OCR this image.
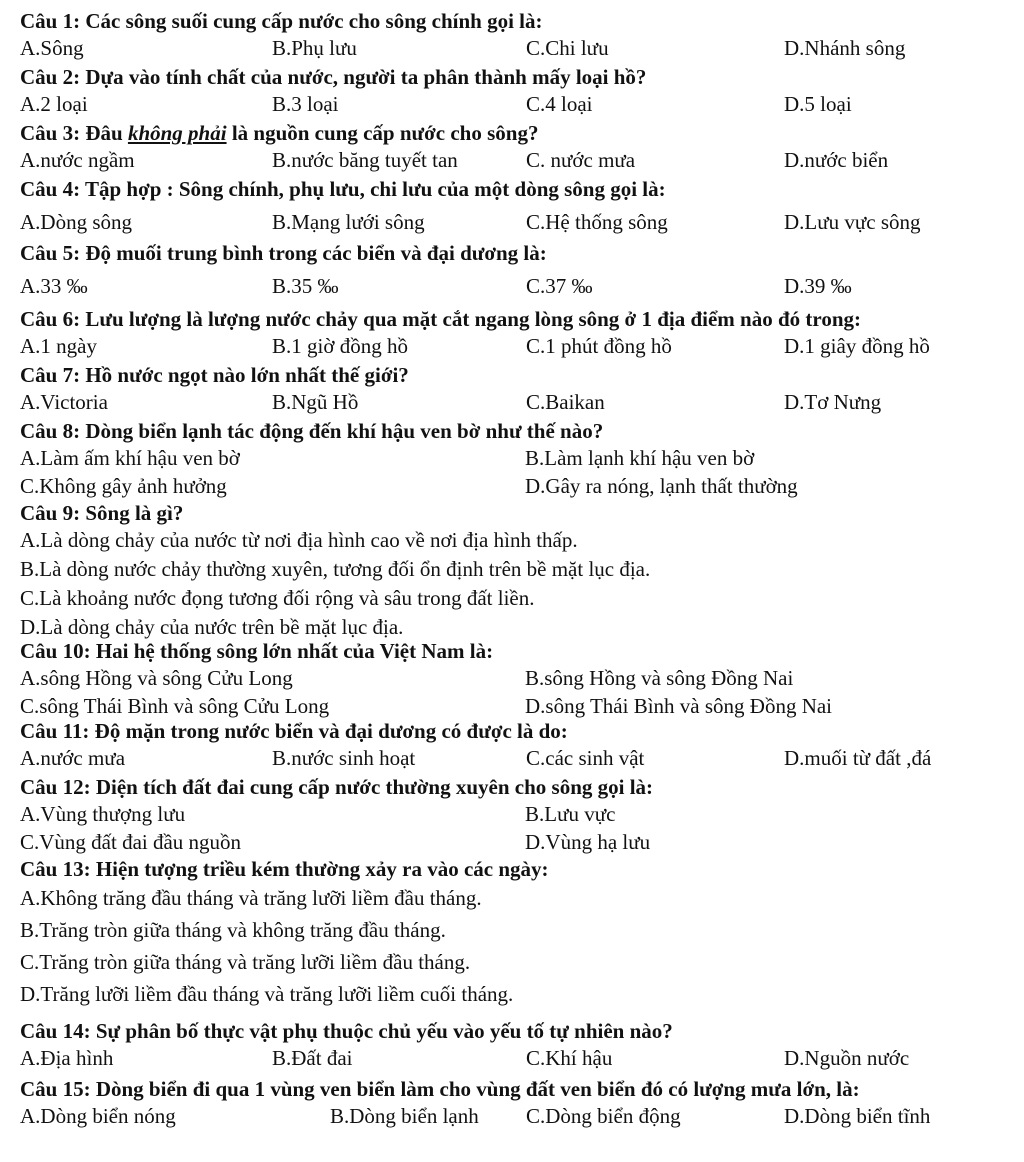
Câu 1: Các sông suối cung cấp nước cho sông chính gọi là:
A.Sông	B.Phụ lưu	C.Chi lưu	D.Nhánh sông
Câu 2: Dựa vào tính chất của nước, người ta phân thành mấy loại hồ?
A.2 loại	B.3 loại	C.4 loại	D.5 loại
Câu 3: Đâu không phải là nguồn cung cấp nước cho sông?
A.nước ngầm	B.nước băng tuyết tan	C. nước mưa	D.nước biển
Câu 4: Tập hợp : Sông chính, phụ lưu, chi lưu của một dòng sông gọi là:
A.Dòng sông	B.Mạng lưới sông	C.Hệ thống sông	D.Lưu vực sông
Câu 5: Độ muối trung bình trong các biển và đại dương là:
A.33 ‰	B.35 ‰	C.37 ‰	D.39 ‰
Câu 6: Lưu lượng là lượng nước chảy qua mặt cắt ngang lòng sông ở 1 địa điểm nào đó trong:
A.1 ngày	B.1 giờ đồng hồ	C.1 phút đồng hồ	D.1 giây đồng hồ
Câu 7: Hồ nước ngọt nào lớn nhất thế giới?
A.Victoria	B.Ngũ Hồ	C.Baikan	D.Tơ Nưng
Câu 8: Dòng biển lạnh tác động đến khí hậu ven bờ như thế nào?
A.Làm ấm khí hậu ven bờ	B.Làm lạnh khí hậu ven bờ
C.Không gây ảnh hưởng	D.Gây ra nóng, lạnh thất thường
Câu 9: Sông là gì?
A.Là dòng chảy của nước từ nơi địa hình cao về nơi địa hình thấp.
B.Là dòng nước chảy thường xuyên, tương đối ổn định trên bề mặt lục địa.
C.Là khoảng nước đọng tương đối rộng và sâu trong đất liền.
D.Là dòng chảy của nước trên bề mặt lục địa.
Câu 10: Hai hệ thống sông lớn nhất của Việt Nam là:
A.sông Hồng và sông Cửu Long	B.sông Hồng và sông Đồng Nai
C.sông Thái Bình và sông Cửu Long	D.sông Thái Bình và sông Đồng Nai
Câu 11: Độ mặn trong nước biển và đại dương có được là do:
A.nước mưa	B.nước sinh hoạt	C.các sinh vật	D.muối từ đất ,đá
Câu 12: Diện tích đất đai cung cấp nước thường xuyên cho sông gọi là:
A.Vùng thượng lưu	B.Lưu vực
C.Vùng đất đai đầu nguồn	D.Vùng hạ lưu
Câu 13: Hiện tượng triều kém thường xảy ra vào các ngày:
A.Không trăng đầu tháng và trăng lưỡi liềm đầu tháng.
B.Trăng tròn giữa tháng và không trăng đầu tháng.
C.Trăng tròn giữa tháng và trăng lưỡi liềm đầu tháng.
D.Trăng lưỡi liềm đầu tháng và trăng lưỡi liềm cuối tháng.
Câu 14: Sự phân bố thực vật phụ thuộc chủ yếu vào yếu tố tự nhiên nào?
A.Địa hình	B.Đất đai	C.Khí hậu	D.Nguồn nước
Câu 15: Dòng biển đi qua 1 vùng ven biển làm cho vùng đất ven biển đó có lượng mưa lớn, là:
A.Dòng biển nóng	B.Dòng biển lạnh C.Dòng biển động	D.Dòng biển tĩnh
